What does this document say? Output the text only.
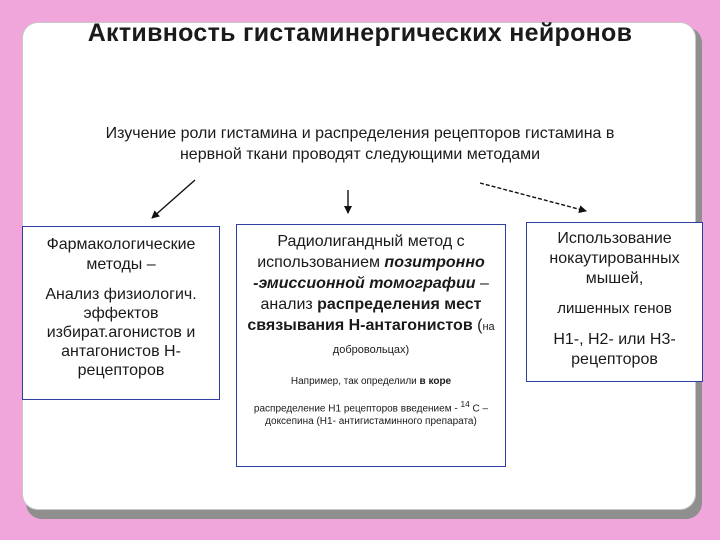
Активность гистаминергических нейронов
Изучение роли гистамина и распределения рецепторов гистамина в нервной ткани проводят следующими методами
Фармакологические методы –
Анализ физиологич. эффектов избират.агонистов и антагонистов Н-рецепторов
Радиолигандный метод с использованием позитронно -эмиссионной томографии – анализ распределения мест связывания Н-антагонистов (на добровольцах)
Например, так определили в коре
распределение Н1 рецепторов введением - $^{14}$ С –доксепина (Н1- антигистаминного препарата)
Использование нокаутированных мышей,
лишенных генов
Н1-, Н2- или Н3-рецепторов
